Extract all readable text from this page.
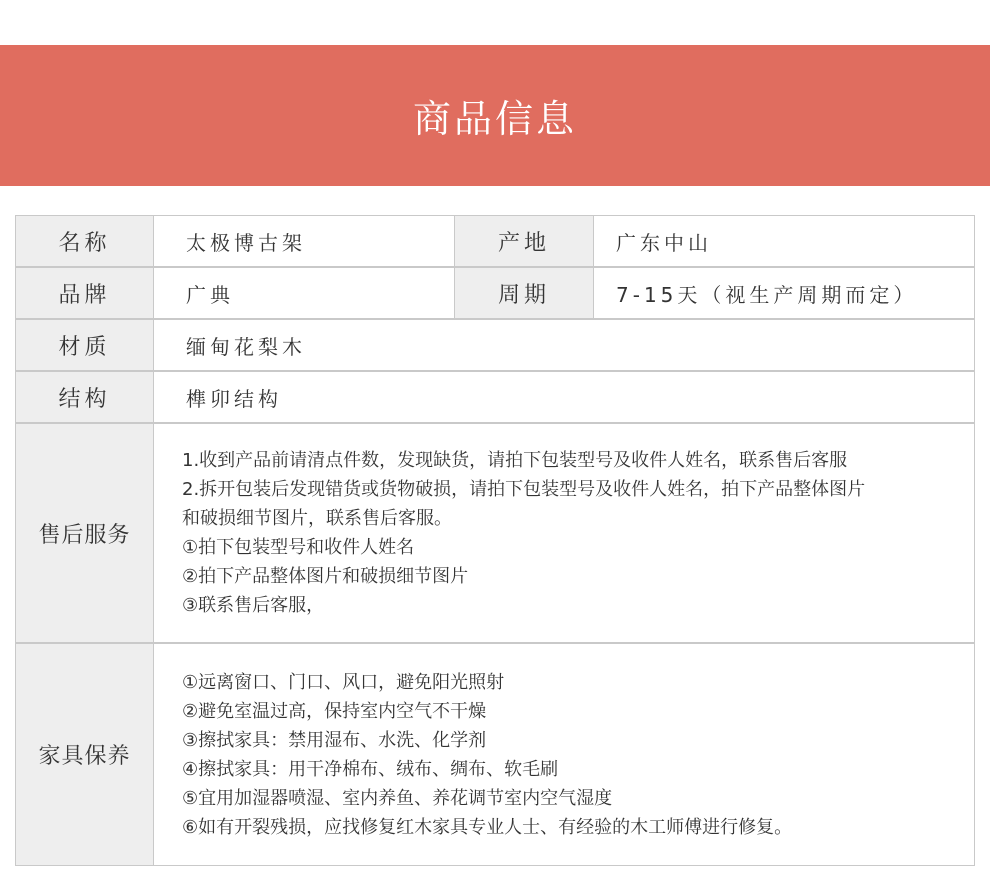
商品信息
名称	太极博古架	产地	广东中山
品牌	广典	周期	7-15天（视生产周期而定）
材质	缅甸花梨木
结构	榫卯结构
售后服务
1.收到产品前请清点件数，发现缺货，请拍下包装型号及收件人姓名，联系售后客服
2.拆开包装后发现错货或货物破损，请拍下包装型号及收件人姓名，拍下产品整体图片
和破损细节图片，联系售后客服。
①拍下包装型号和收件人姓名
②拍下产品整体图片和破损细节图片
③联系售后客服，
家具保养
①远离窗口、门口、风口，避免阳光照射
②避免室温过高，保持室内空气不干燥
③擦拭家具：禁用湿布、水洗、化学剂
④擦拭家具：用干净棉布、绒布、绸布、软毛刷
⑤宜用加湿器喷湿、室内养鱼、养花调节室内空气湿度
⑥如有开裂残损，应找修复红木家具专业人士、有经验的木工师傅进行修复。
